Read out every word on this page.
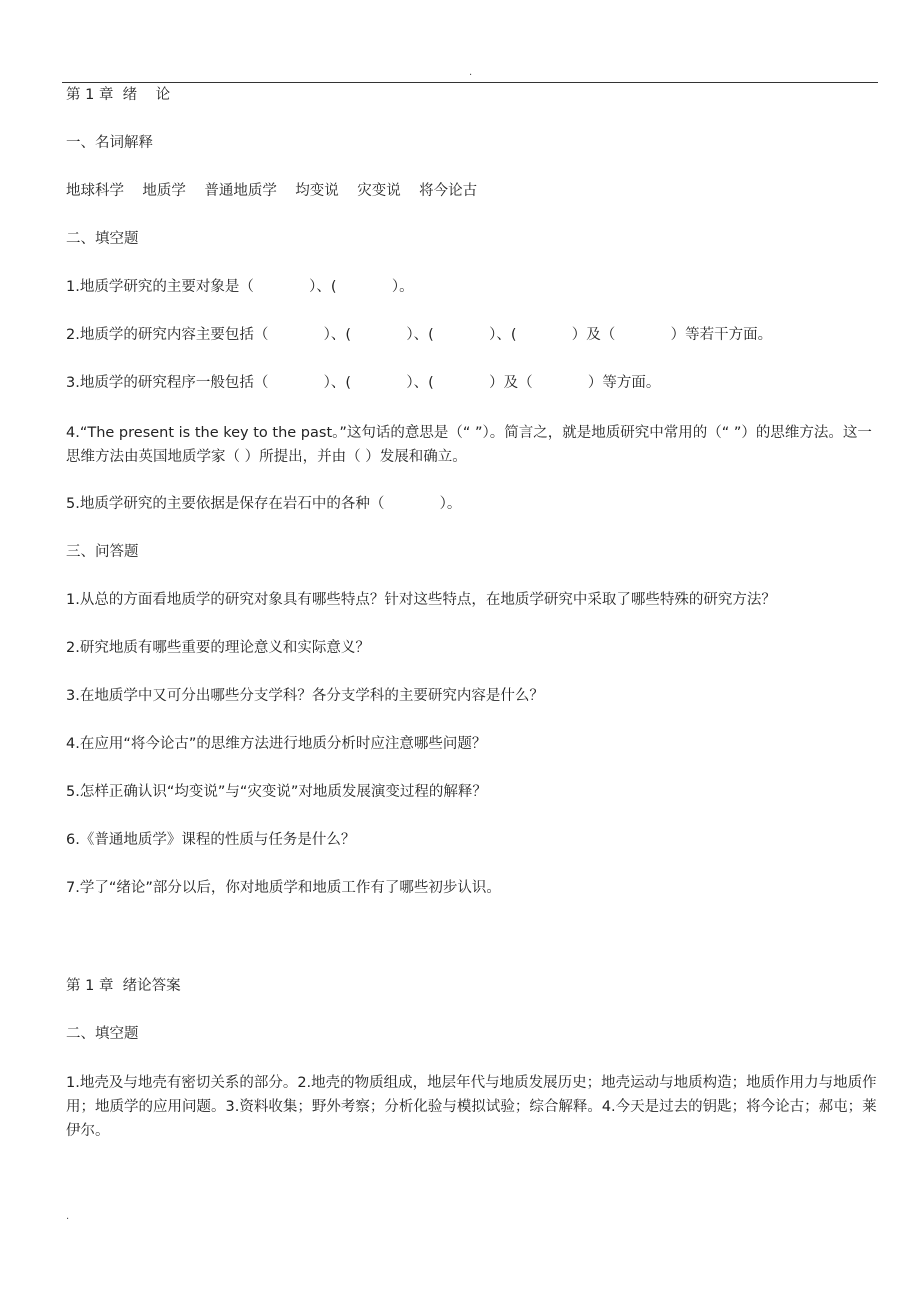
.
第 1 章  绪    论
一、名词解释
地球科学    地质学    普通地质学    均变说    灾变说    将今论古
二、填空题
1.地质学研究的主要对象是（            ）、(            ）。
2.地质学的研究内容主要包括（            ）、(            ）、(            ）、(            ）及（            ）等若干方面。
3.地质学的研究程序一般包括（            ）、(            ）、(            ）及（            ）等方面。
4.“The present is the key to the past。”这句话的意思是（“ ”）。简言之，就是地质研究中常用的（“ ”）的思维方法。这一思维方法由英国地质学家（ ）所提出，并由（ ）发展和确立。
5.地质学研究的主要依据是保存在岩石中的各种（            ）。
三、问答题
1.从总的方面看地质学的研究对象具有哪些特点？针对这些特点，在地质学研究中采取了哪些特殊的研究方法？
2.研究地质有哪些重要的理论意义和实际意义？
3.在地质学中又可分出哪些分支学科？各分支学科的主要研究内容是什么？
4.在应用“将今论古”的思维方法进行地质分析时应注意哪些问题？
5.怎样正确认识“均变说”与“灾变说”对地质发展演变过程的解释？
6.《普通地质学》课程的性质与任务是什么？
7.学了“绪论”部分以后，你对地质学和地质工作有了哪些初步认识。
第 1 章  绪论答案
二、填空题
1.地壳及与地壳有密切关系的部分。2.地壳的物质组成，地层年代与地质发展历史；地壳运动与地质构造；地质作用力与地质作用；地质学的应用问题。3.资料收集；野外考察；分析化验与模拟试验；综合解释。4.今天是过去的钥匙；将今论古；郝屯；莱伊尔。
.
